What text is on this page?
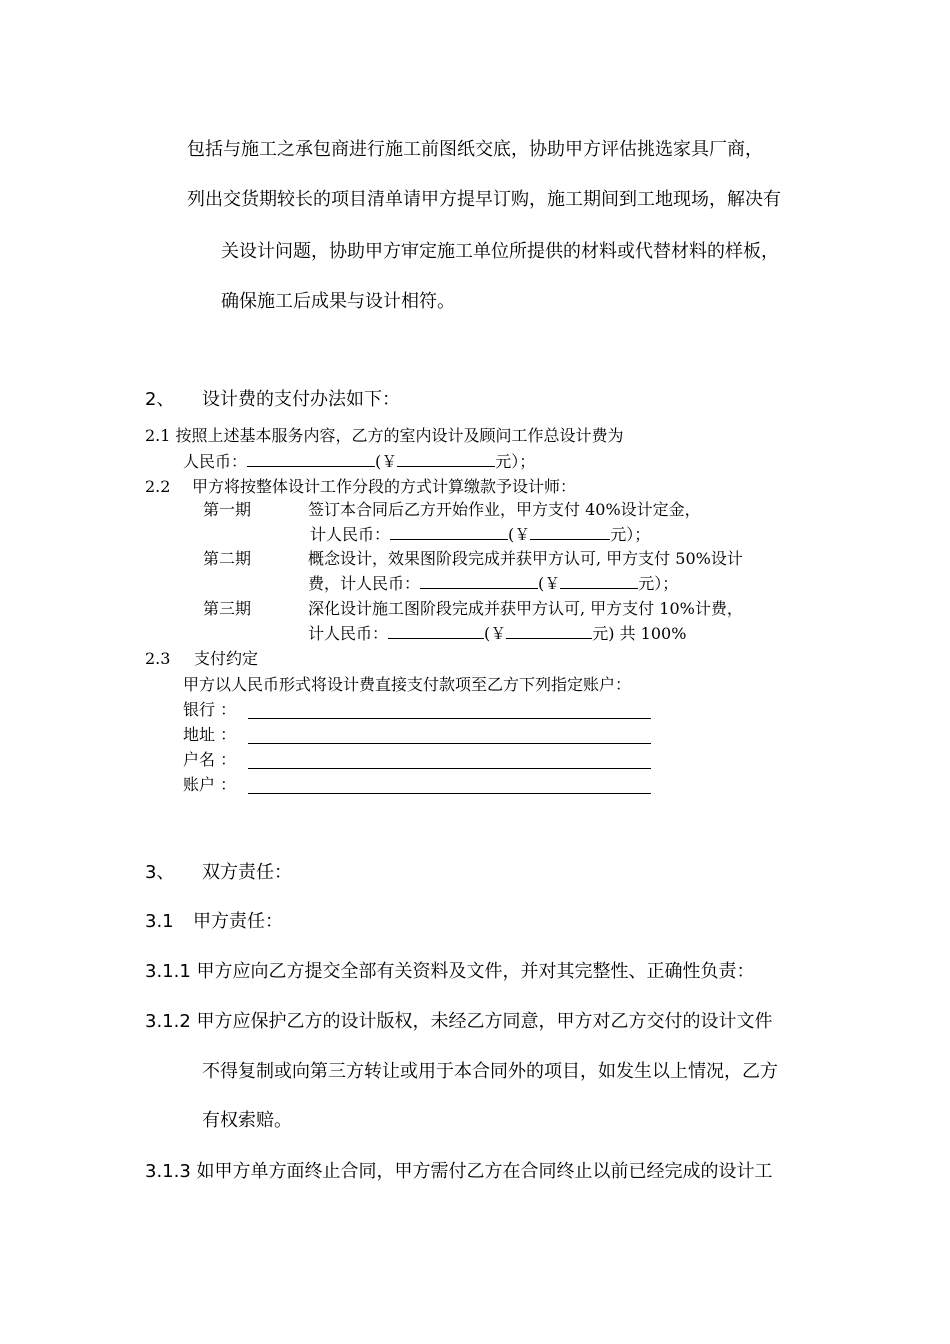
包括与施工之承包商进行施工前图纸交底，协助甲方评估挑选家具厂商，
列出交货期较长的项目清单请甲方提早订购，施工期间到工地现场，解决有
关设计问题，协助甲方审定施工单位所提供的材料或代替材料的样板，
确保施工后成果与设计相符。
2、 设计费的支付办法如下：
2.1 按照上述基本服务内容，乙方的室内设计及顾问工作总设计费为
人民币：	(￥	元）；
2.2 甲方将按整体设计工作分段的方式计算缴款予设计师：
第一期	签订本合同后乙方开始作业，甲方支付 40%设计定金，
计人民币：	(￥	元）；
第二期	概念设计，效果图阶段完成并获甲方认可, 甲方支付 50%设计
费，计人民币：	(￥	元）；
第三期	深化设计施工图阶段完成并获甲方认可, 甲方支付 10%计费，
计人民币：	(￥	元) 共 100%
2.3 支付约定
甲方以人民币形式将设计费直接支付款项至乙方下列指定账户：
银行 ：
地址 ：
户名 ：
账户 ：
3、 双方责任：
3.1 甲方责任：
3.1.1 甲方应向乙方提交全部有关资料及文件，并对其完整性、正确性负责：
3.1.2 甲方应保护乙方的设计版权，未经乙方同意，甲方对乙方交付的设计文件
不得复制或向第三方转让或用于本合同外的项目，如发生以上情况，乙方
有权索赔。
3.1.3 如甲方单方面终止合同，甲方需付乙方在合同终止以前已经完成的设计工
